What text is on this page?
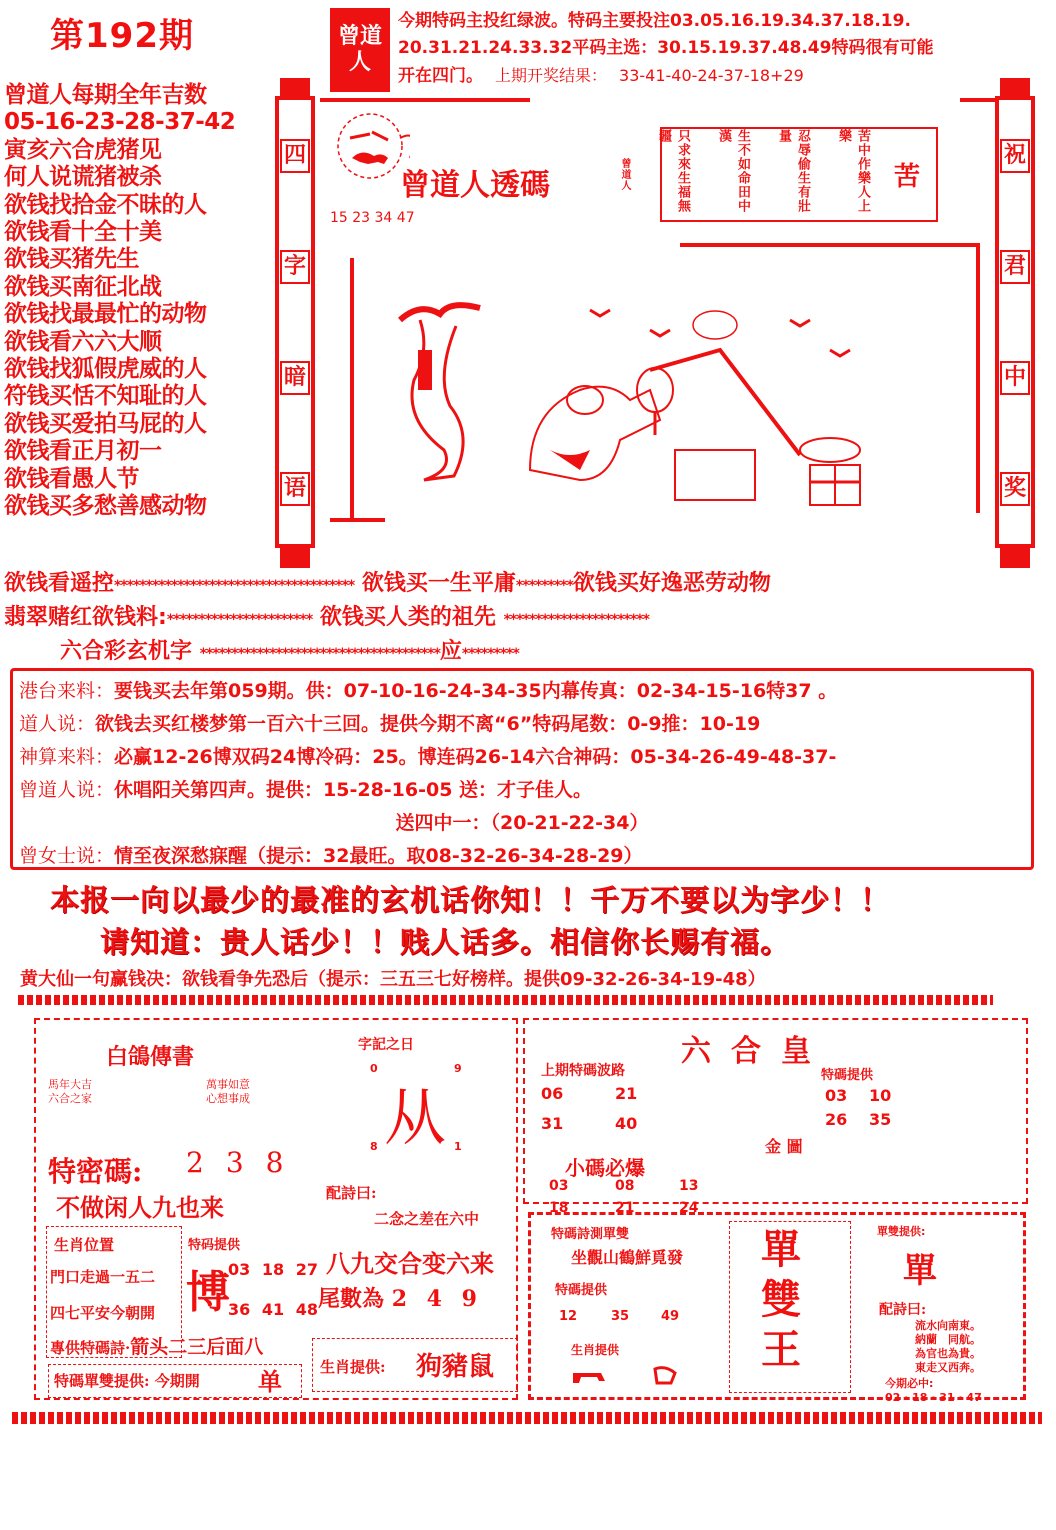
第192期	曾道
人
今期特码主投红绿波。特码主要投注03.05.16.19.34.37.18.19.
20.31.21.24.33.32平码主选：30.15.19.37.48.49特码很有可能
开在四门。 上期开奖结果： 33-41-40-24-37-18+29
曾道人每期全年吉数
05-16-23-28-37-42
寅亥六合虎猪见
何人说谎猪被杀
欲钱找拾金不昧的人
欲钱看十全十美
欲钱买猪先生
欲钱买南征北战
欲钱找最最忙的动物
欲钱看六六大顺
欲钱找狐假虎威的人
符钱买恬不知耻的人
欲钱买爱拍马屁的人
欲钱看正月初一
欲钱看愚人节
欲钱买多愁善感动物
四
字
暗
语
祝
君
中
奖
曾道人透碼
15 23 34 47
苦
苦中作樂人上樂
忍辱偷生有壯量
生不如命田中漢
只求來生福無疆
曾道人
欲钱看遥控************************************** 欲钱买一生平庸*********欲钱买好逸恶劳动物
翡翠赌红欲钱料:*********************** 欲钱买人类的祖先 ***********************
六合彩玄机字 **************************************应*********
港台来料：要钱买去年第059期。供：07-10-16-24-34-35内幕传真：02-34-15-16特37 。
道人说：欲钱去买红楼梦第一百六十三回。提供今期不离“6”特码尾数：0-9推：10-19
神算来料：必赢12-26博双码24博冷码：25。博连码26-14六合神码：05-34-26-49-48-37-
曾道人说：休唱阳关第四声。提供：15-28-16-05 送：才子佳人。
送四中一：（20-21-22-34）
曾女士说：情至夜深愁寐醒（提示：32最旺。取08-32-26-34-28-29）
本报一向以最少的最准的玄机话你知！！千万不要以为字少！！
请知道：贵人话少！！贱人话多。相信你长赐有福。
黄大仙一句赢钱决：欲钱看争先恐后（提示：三五三七好榜样。提供09-32-26-34-19-48）
白鴿傳書
馬年大吉
六合之家
萬事如意
心想事成
特密碼: 238
不做闲人九也来
生肖位置
門口走過一五二
四七平安今朝開
特码提供
博
03 18 27
36 41 48
專供特碼詩·箭头二三后面八
特碼單雙提供: 今期開 单
字記之日
0	9
从
8	1
配詩曰:
二念之差在六中
八九交合变六来
尾數為 2 4 9
生肖提供: 狗豬鼠
六合皇
上期特碼波路
06	21
31	40

特碼提供
03 10
26 35
金 圖
小碼必爆
03	08	13
18	21	24
特碼詩測單雙
坐觀山鶴鮮覓發
特碼提供
12	35 49
生肖提供
單
雙
王
單雙提供:
單
配詩曰:
流水向南東。
納蘭　同航。
為官也為貴。
東走又西奔。
今期必中:
02 · 18 · 31 · 47
